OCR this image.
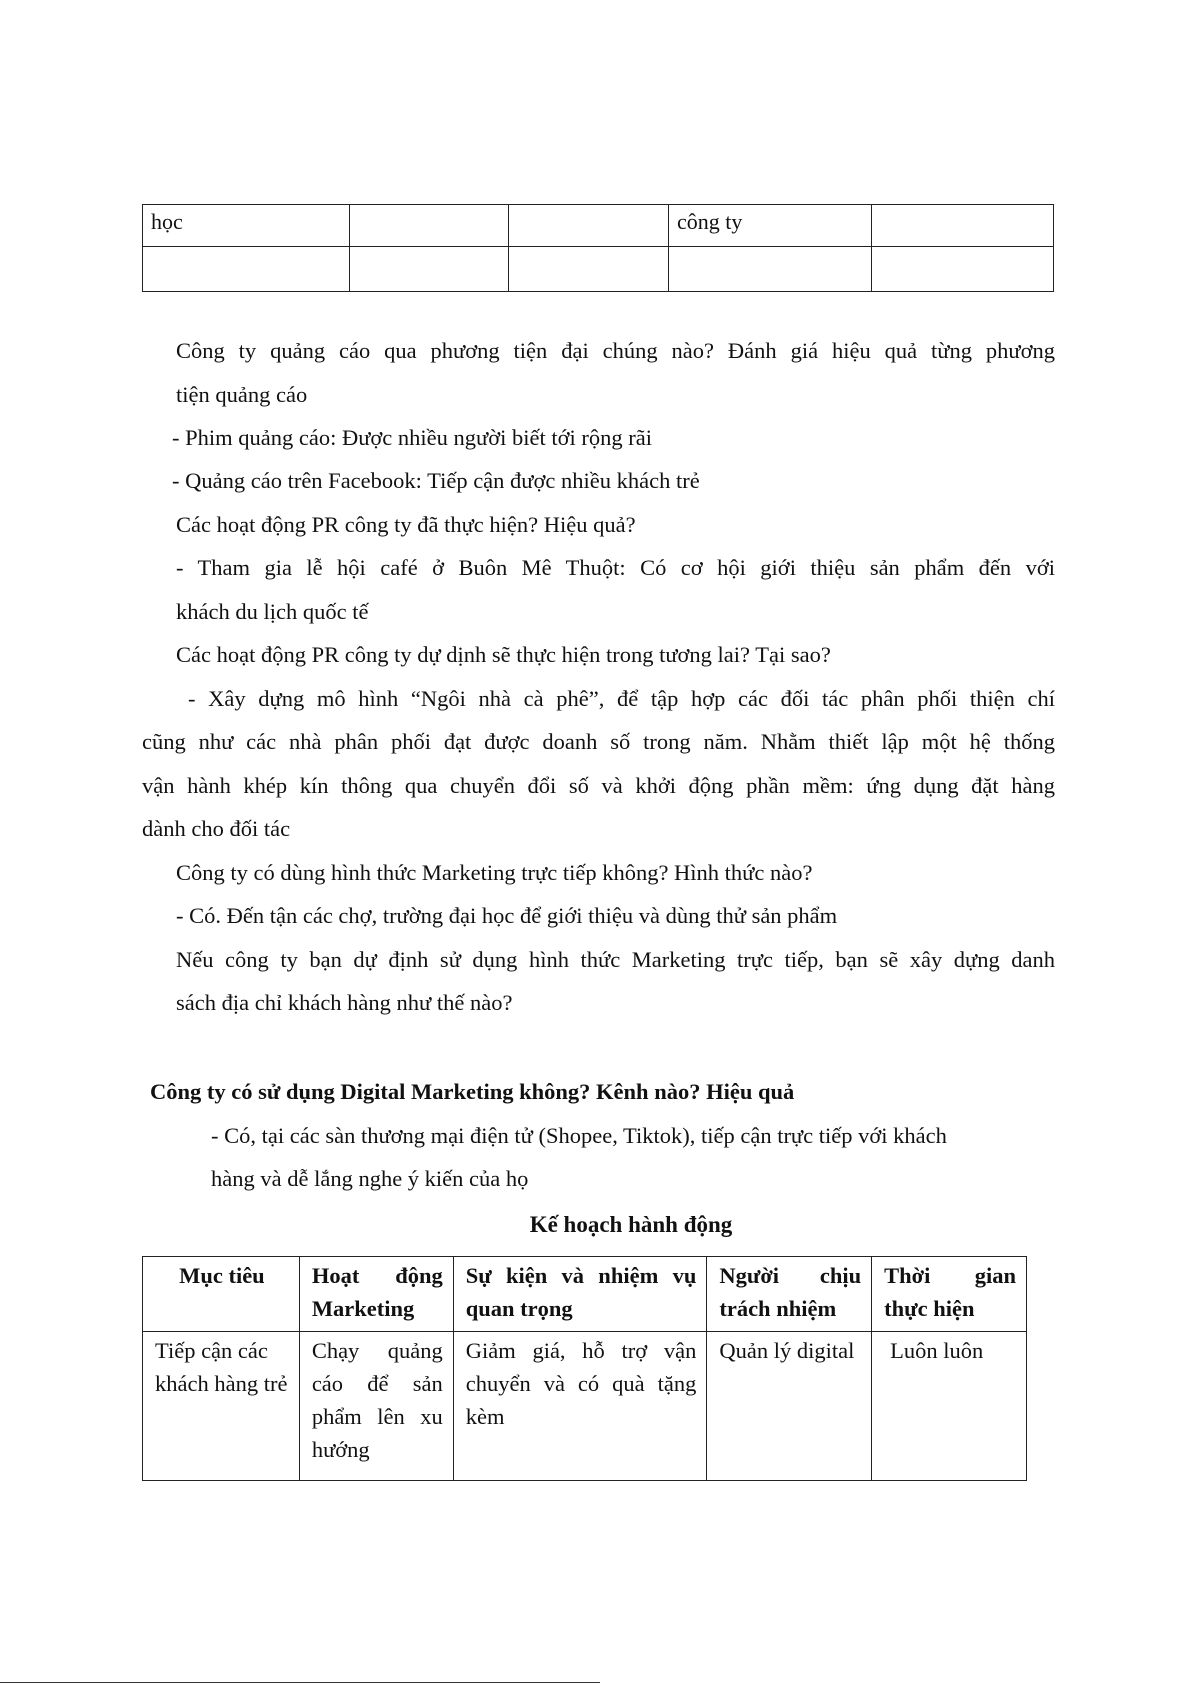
học			công ty	

Công ty quảng cáo qua phương tiện đại chúng nào? Đánh giá hiệu quả từng phương
tiện quảng cáo
- Phim quảng cáo: Được nhiều người biết tới rộng rãi
- Quảng cáo trên Facebook: Tiếp cận được nhiều khách trẻ
Các hoạt động PR công ty đã thực hiện? Hiệu quả?
- Tham gia lễ hội café ở Buôn Mê Thuột: Có cơ hội giới thiệu sản phẩm đến với
khách du lịch quốc tế
Các hoạt động PR công ty dự dịnh sẽ thực hiện trong tương lai? Tại sao?
- Xây dựng mô hình “Ngôi nhà cà phê”, để tập hợp các đối tác phân phối thiện chí
cũng như các nhà phân phối đạt được doanh số trong năm. Nhằm thiết lập một hệ thống
vận hành khép kín thông qua chuyển đổi số và khởi động phần mềm: ứng dụng đặt hàng
dành cho đối tác
Công ty có dùng hình thức Marketing trực tiếp không? Hình thức nào?
- Có. Đến tận các chợ, trường đại học để giới thiệu và dùng thử sản phẩm
Nếu công ty bạn dự định sử dụng hình thức Marketing trực tiếp, bạn sẽ xây dựng danh
sách địa chỉ khách hàng như thế nào?
Công ty có sử dụng Digital Marketing không? Kênh nào? Hiệu quả
- Có, tại các sàn thương mại điện tử (Shopee, Tiktok), tiếp cận trực tiếp với khách
hàng và dễ lắng nghe ý kiến của họ
Kế hoạch hành động
Mục tiêu	Hoạt động Marketing	Sự kiện và nhiệm vụ quan trọng	Người chịu trách nhiệm	Thời gian thực hiện
Tiếp cận các khách hàng trẻ	Chạy quảng cáo để sản phẩm lên xu hướng	Giảm giá, hỗ trợ vận chuyển và có quà tặng kèm	Quản lý digital	Luôn luôn
